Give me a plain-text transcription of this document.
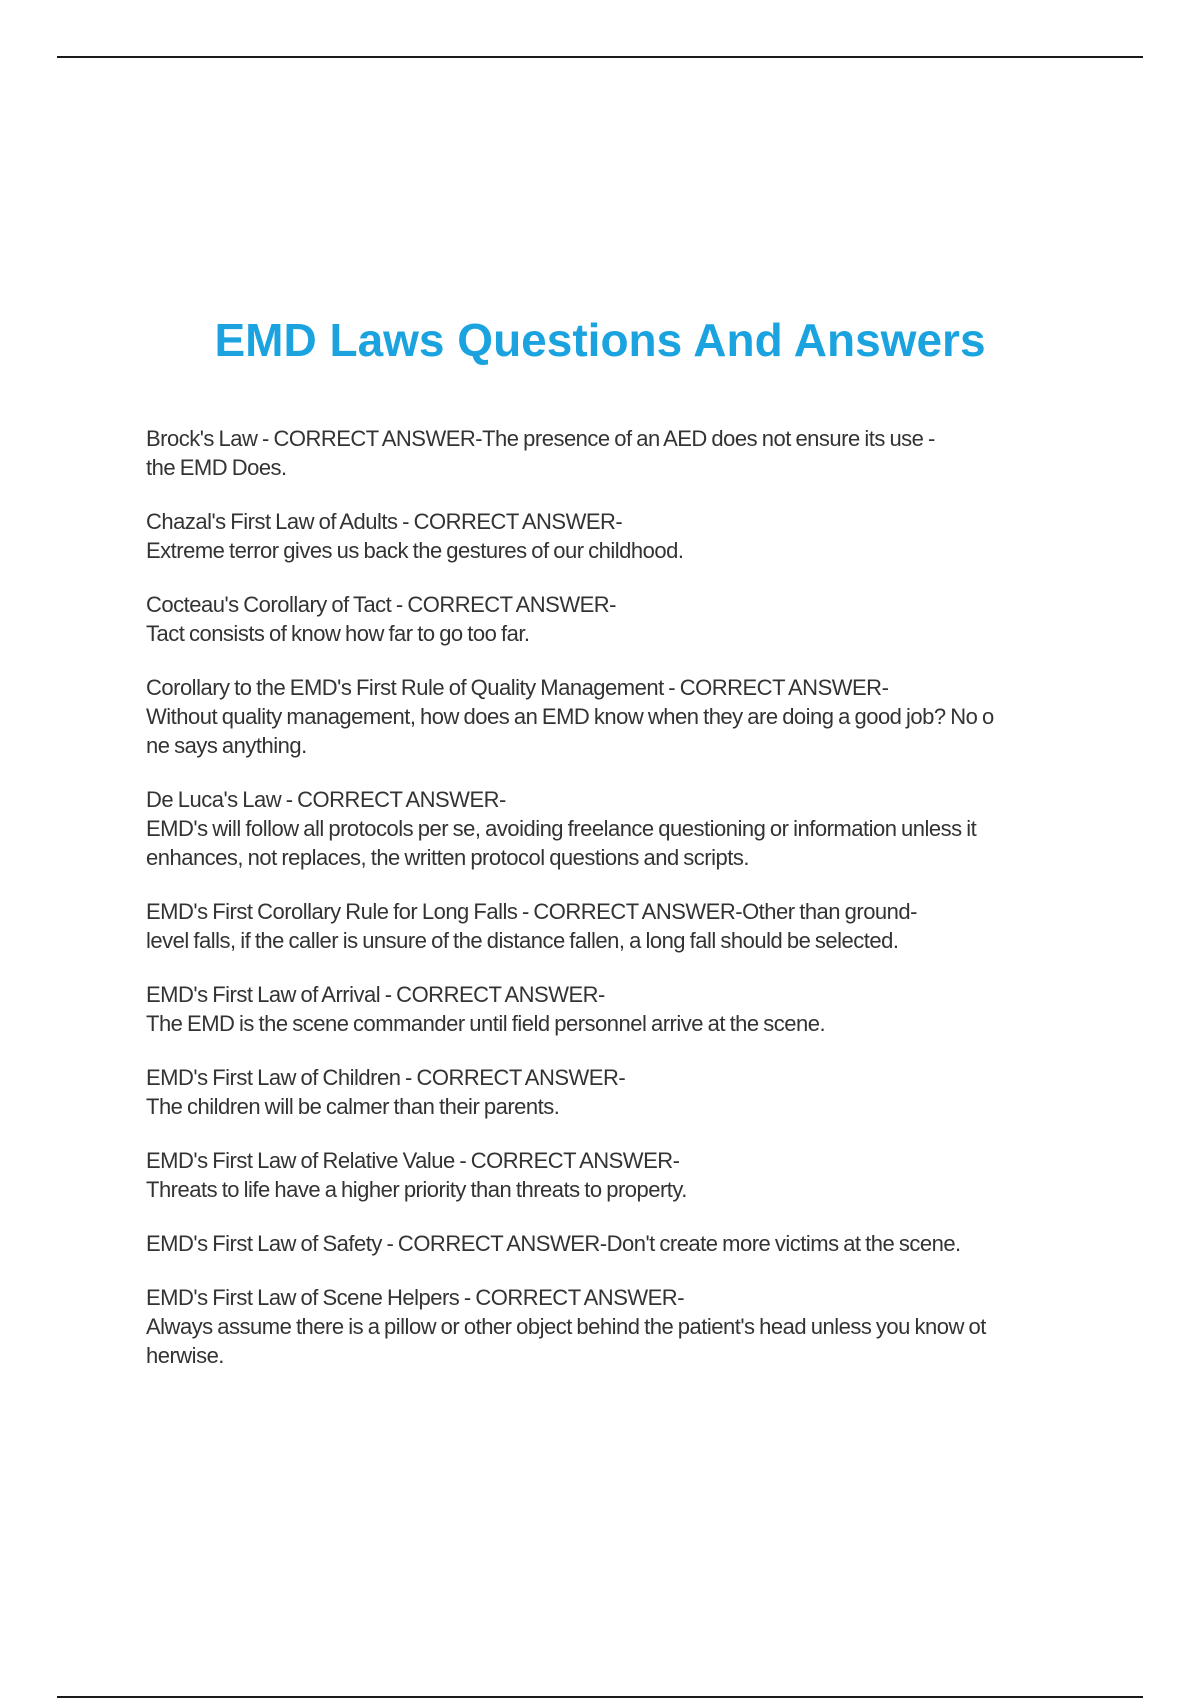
EMD Laws Questions And Answers

Brock's Law - CORRECT ANSWER-The presence of an AED does not ensure its use -
the EMD Does.

Chazal's First Law of Adults - CORRECT ANSWER-
Extreme terror gives us back the gestures of our childhood.

Cocteau's Corollary of Tact - CORRECT ANSWER-
Tact consists of know how far to go too far.

Corollary to the EMD's First Rule of Quality Management - CORRECT ANSWER-
Without quality management, how does an EMD know when they are doing a good job? No o
ne says anything.

De Luca's Law - CORRECT ANSWER-
EMD's will follow all protocols per se, avoiding freelance questioning or information unless it
enhances, not replaces, the written protocol questions and scripts.

EMD's First Corollary Rule for Long Falls - CORRECT ANSWER-Other than ground-
level falls, if the caller is unsure of the distance fallen, a long fall should be selected.

EMD's First Law of Arrival - CORRECT ANSWER-
The EMD is the scene commander until field personnel arrive at the scene.

EMD's First Law of Children - CORRECT ANSWER-
The children will be calmer than their parents.

EMD's First Law of Relative Value - CORRECT ANSWER-
Threats to life have a higher priority than threats to property.

EMD's First Law of Safety - CORRECT ANSWER-Don't create more victims at the scene.

EMD's First Law of Scene Helpers - CORRECT ANSWER-
Always assume there is a pillow or other object behind the patient's head unless you know ot
herwise.
